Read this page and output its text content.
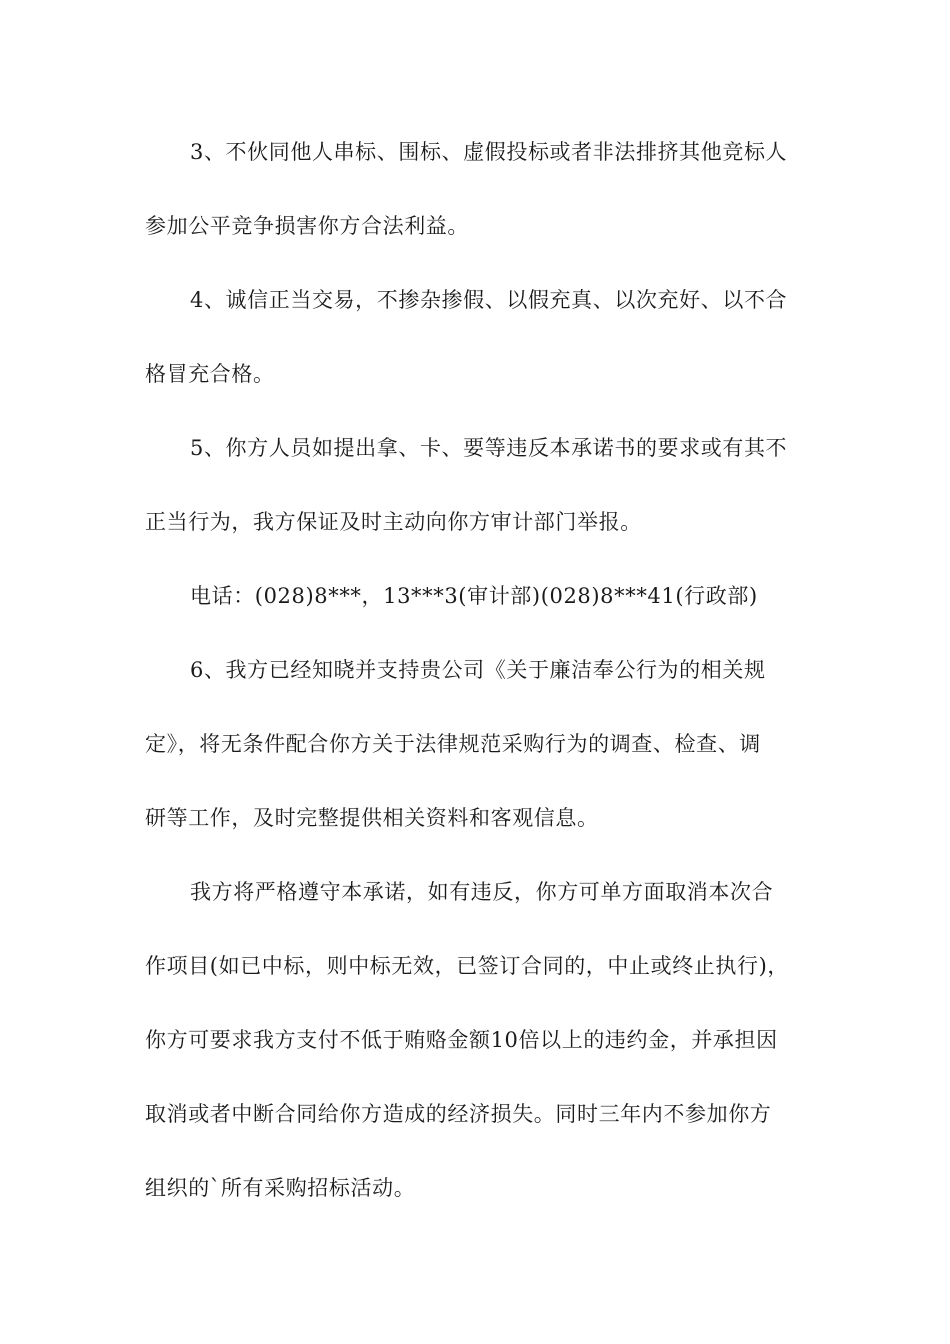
3、不伙同他人串标、围标、虚假投标或者非法排挤其他竞标人
参加公平竞争损害你方合法利益。
4、诚信正当交易，不掺杂掺假、以假充真、以次充好、以不合
格冒充合格。
5、你方人员如提出拿、卡、要等违反本承诺书的要求或有其不
正当行为，我方保证及时主动向你方审计部门举报。
电话：(028)8***，13***3(审计部)(028)8***41(行政部)
6、我方已经知晓并支持贵公司《关于廉洁奉公行为的相关规
定》，将无条件配合你方关于法律规范采购行为的调查、检查、调
研等工作，及时完整提供相关资料和客观信息。
我方将严格遵守本承诺，如有违反，你方可单方面取消本次合
作项目(如已中标，则中标无效，已签订合同的，中止或终止执行)，
你方可要求我方支付不低于贿赂金额10倍以上的违约金，并承担因
取消或者中断合同给你方造成的经济损失。同时三年内不参加你方
组织的`所有采购招标活动。
